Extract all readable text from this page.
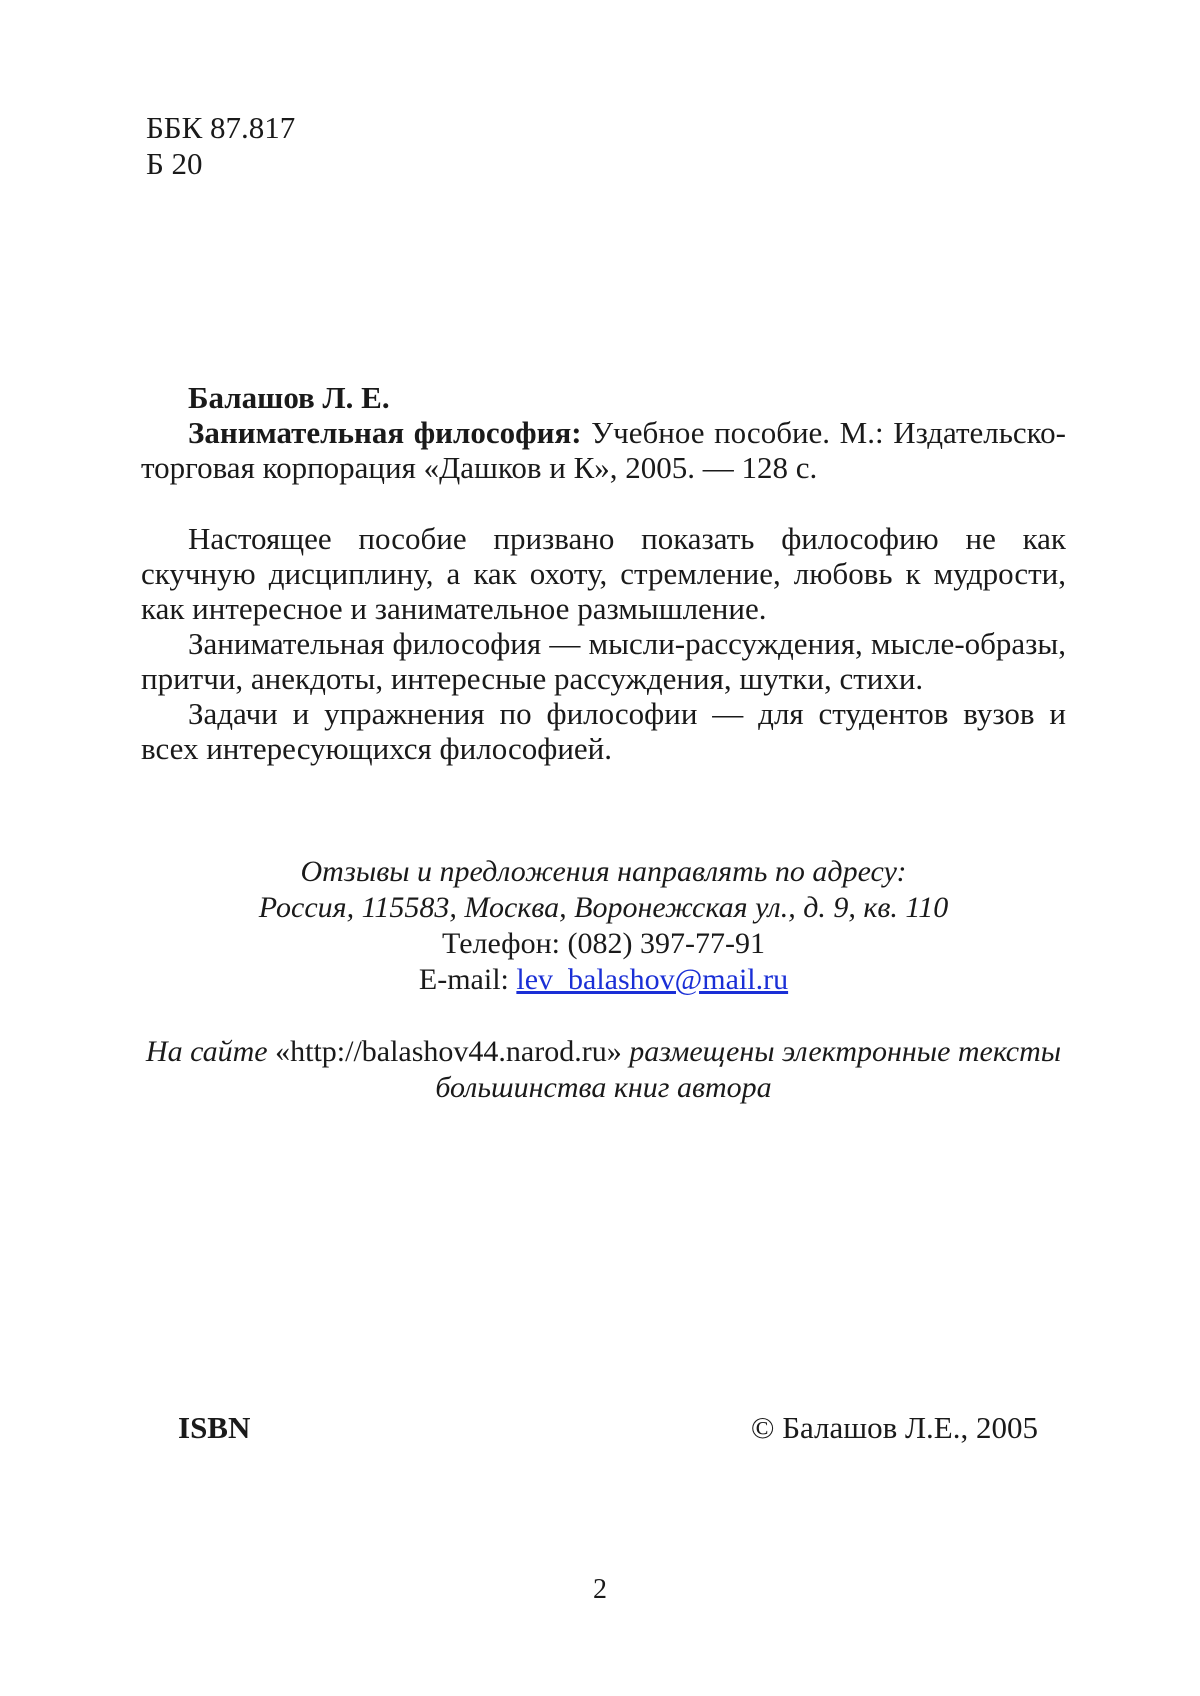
ББК 87.817
Б 20

Балашов Л. Е.

Занимательная философия: Учебное пособие. М.: Издательско-торговая корпорация «Дашков и К», 2005. — 128 с.

Настоящее пособие призвано показать философию не как скучную дисциплину, а как охоту, стремление, любовь к мудрости, как интересное и занимательное размышление.

Занимательная философия — мысли-рассуждения, мысле-образы, притчи, анекдоты, интересные рассуждения, шутки, стихи.

Задачи и упражнения по философии — для студентов вузов и всех интересующихся философией.

Отзывы и предложения направлять по адресу:
Россия, 115583, Москва, Воронежская ул., д. 9, кв. 110
Телефон: (082) 397-77-91
E-mail: lev_balashov@mail.ru
На сайте «http://balashov44.narod.ru» размещены электронные тексты большинства книг автора
ISBN	© Балашов Л.Е., 2005
2
